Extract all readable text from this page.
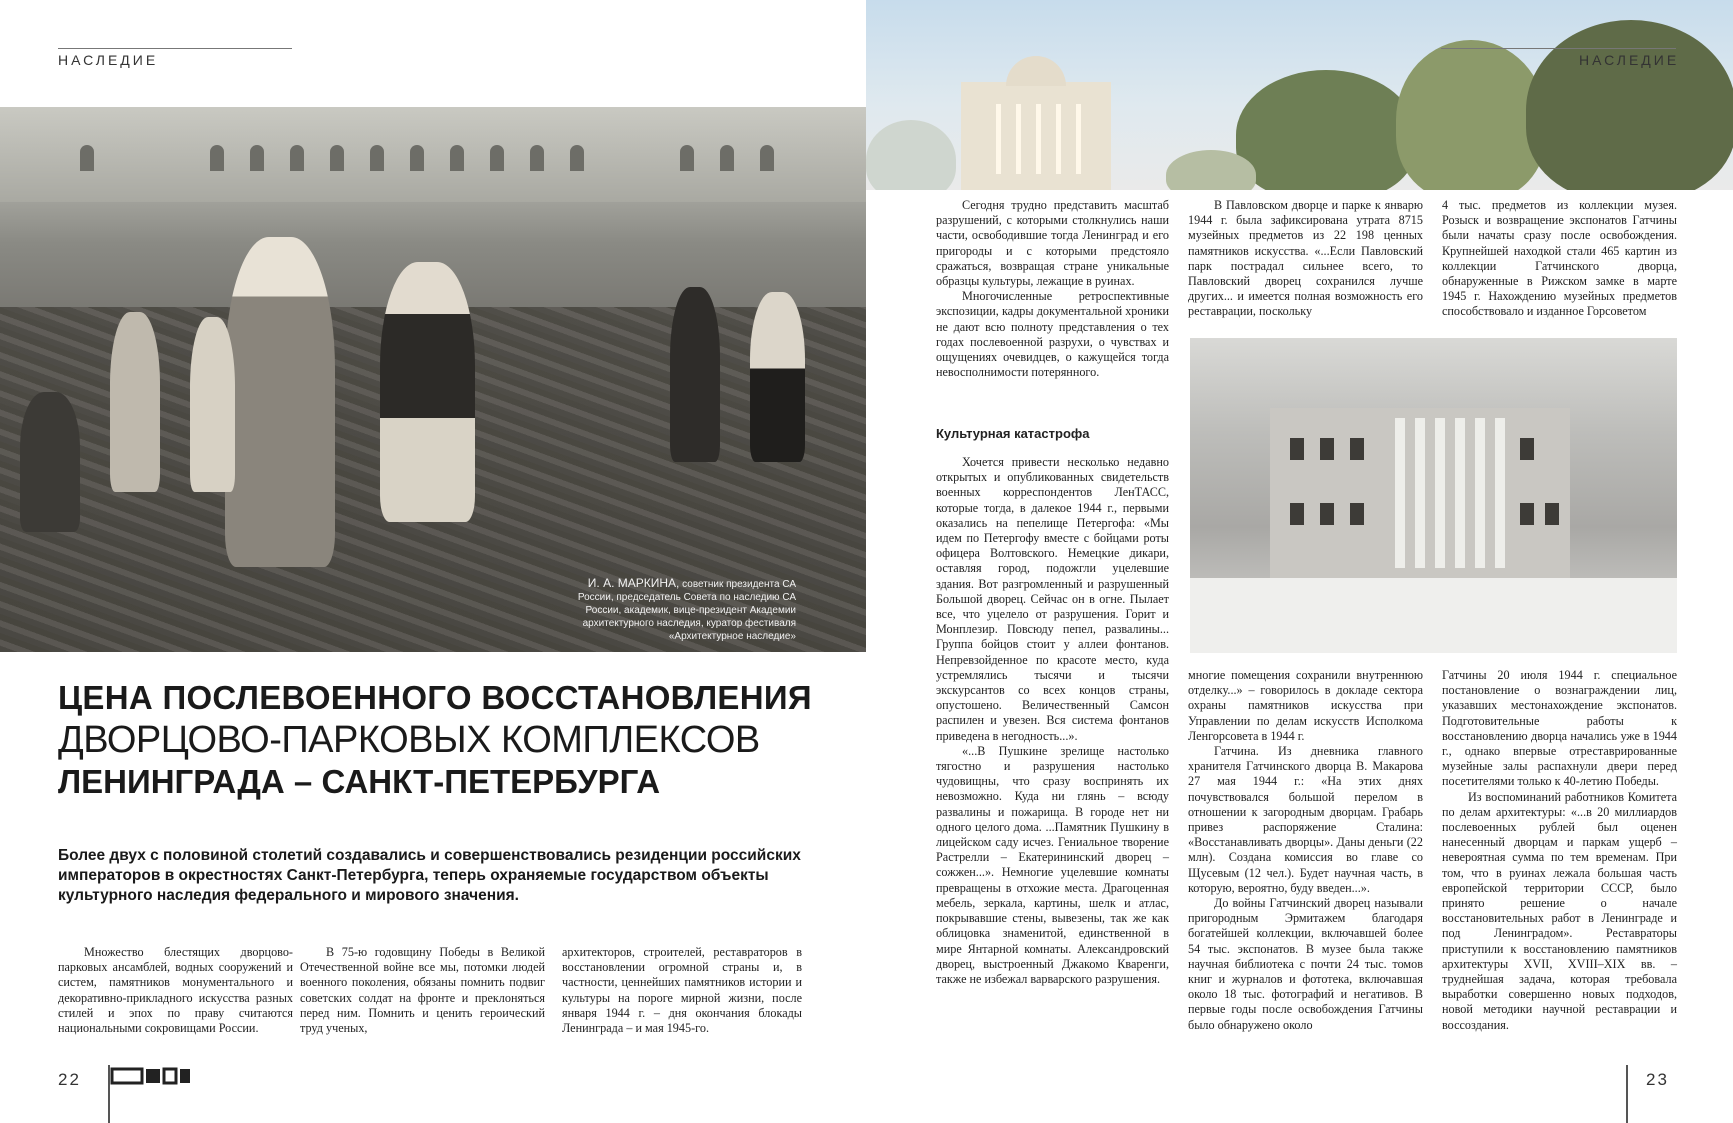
НАСЛЕДИЕ
И. А. МАРКИНА, советник президента СА России, председатель Совета по наследию СА России, академик, вице-президент Академии архитектурного наследия, куратор фестиваля «Архитектурное наследие»
ЦЕНА ПОСЛЕВОЕННОГО ВОССТАНОВЛЕНИЯ
ДВОРЦОВО-ПАРКОВЫХ КОМПЛЕКСОВ
ЛЕНИНГРАДА – САНКТ-ПЕТЕРБУРГА
Более двух с половиной столетий создавались и совершенствовались резиденции российских императоров в окрестностях Санкт-Петербурга, теперь охраняемые государством объекты культурного наследия федерального и мирового значения.

Множество блестящих дворцово-парковых ансамблей, водных сооружений и систем, памятников монументального и декоративно-прикладного искусства разных стилей и эпох по праву считаются национальными сокровищами России.

В 75-ю годовщину Победы в Великой Отечественной войне все мы, потомки людей военного поколения, обязаны помнить подвиг советских солдат на фронте и преклоняться перед ним. Помнить и ценить героический труд ученых,

архитекторов, строителей, реставраторов в восстановлении огромной страны и, в частности, ценнейших памятников истории и культуры на пороге мирной жизни, после января 1944 г. – дня окончания блокады Ленинграда – и мая 1945-го.

22
НАСЛЕДИЕ

Сегодня трудно представить масштаб разрушений, с которыми столкнулись наши части, освободившие тогда Ленинград и его пригороды и с которыми предстояло сражаться, возвращая стране уникальные образцы культуры, лежащие в руинах.

Многочисленные ретроспективные экспозиции, кадры документальной хроники не дают всю полноту представления о тех годах послевоенной разрухи, о чувствах и ощущениях очевидцев, о кажущейся тогда невосполнимости потерянного.

В Павловском дворце и парке к январю 1944 г. была зафиксирована утрата 8715 музейных предметов из 22 198 ценных памятников искусства. «...Если Павловский парк пострадал сильнее всего, то Павловский дворец сохранился лучше других... и имеется полная возможность его реставрации, поскольку

4 тыс. предметов из коллекции музея. Розыск и возвращение экспонатов Гатчины были начаты сразу после освобождения. Крупнейшей находкой стали 465 картин из коллекции Гатчинского дворца, обнаруженные в Рижском замке в марте 1945 г. Нахождению музейных предметов способствовало и изданное Горсоветом

Культурная катастрофа

Хочется привести несколько недавно открытых и опубликованных свидетельств военных корреспондентов ЛенТАСС, которые тогда, в далекое 1944 г., первыми оказались на пепелище Петергофа: «Мы идем по Петергофу вместе с бойцами роты офицера Волтовского. Немецкие дикари, оставляя город, подожгли уцелевшие здания. Вот разгромленный и разрушенный Большой дворец. Сейчас он в огне. Пылает все, что уцелело от разрушения. Горит и Монплезир. Повсюду пепел, развалины... Группа бойцов стоит у аллеи фонтанов. Непревзойденное по красоте место, куда устремлялись тысячи и тысячи экскурсантов со всех концов страны, опустошено. Величественный Самсон распилен и увезен. Вся система фонтанов приведена в негодность...».

«...В Пушкине зрелище настолько тягостно и разрушения настолько чудовищны, что сразу воспринять их невозможно. Куда ни глянь – всюду развалины и пожарища. В городе нет ни одного целого дома. ...Памятник Пушкину в лицейском саду исчез. Гениальное творение Растрелли – Екатерининский дворец – сожжен...». Немногие уцелевшие комнаты превращены в отхожие места. Драгоценная мебель, зеркала, картины, шелк и атлас, покрывавшие стены, вывезены, так же как облицовка знаменитой, единственной в мире Янтарной комнаты. Александровский дворец, выстроенный Джакомо Кваренги, также не избежал варварского разрушения.

многие помещения сохранили внутреннюю отделку...» – говорилось в докладе сектора охраны памятников искусства при Управлении по делам искусств Исполкома Ленгорсовета в 1944 г.

Гатчина. Из дневника главного хранителя Гатчинского дворца В. Макарова 27 мая 1944 г.: «На этих днях почувствовался большой перелом в отношении к загородным дворцам. Грабарь привез распоряжение Сталина: «Восстанавливать дворцы». Даны деньги (22 млн). Создана комиссия во главе со Щусевым (12 чел.). Будет научная часть, в которую, вероятно, буду введен...».

До войны Гатчинский дворец называли пригородным Эрмитажем благодаря богатейшей коллекции, включавшей более 54 тыс. экспонатов. В музее была также научная библиотека с почти 24 тыс. томов книг и журналов и фототека, включавшая около 18 тыс. фотографий и негативов. В первые годы после освобождения Гатчины было обнаружено около

Гатчины 20 июля 1944 г. специальное постановление о вознаграждении лиц, указавших местонахождение экспонатов. Подготовительные работы к восстановлению дворца начались уже в 1944 г., однако впервые отреставрированные музейные залы распахнули двери перед посетителями только к 40-летию Победы.

Из воспоминаний работников Комитета по делам архитектуры: «...в 20 миллиардов послевоенных рублей был оценен нанесенный дворцам и паркам ущерб – невероятная сумма по тем временам. При том, что в руинах лежала большая часть европейской территории СССР, было принято решение о начале восстановительных работ в Ленинграде и под Ленинградом». Реставраторы приступили к восстановлению памятников архитектуры XVII, XVIII–XIX вв. – труднейшая задача, которая требовала выработки совершенно новых подходов, новой методики научной реставрации и воссоздания.

23
